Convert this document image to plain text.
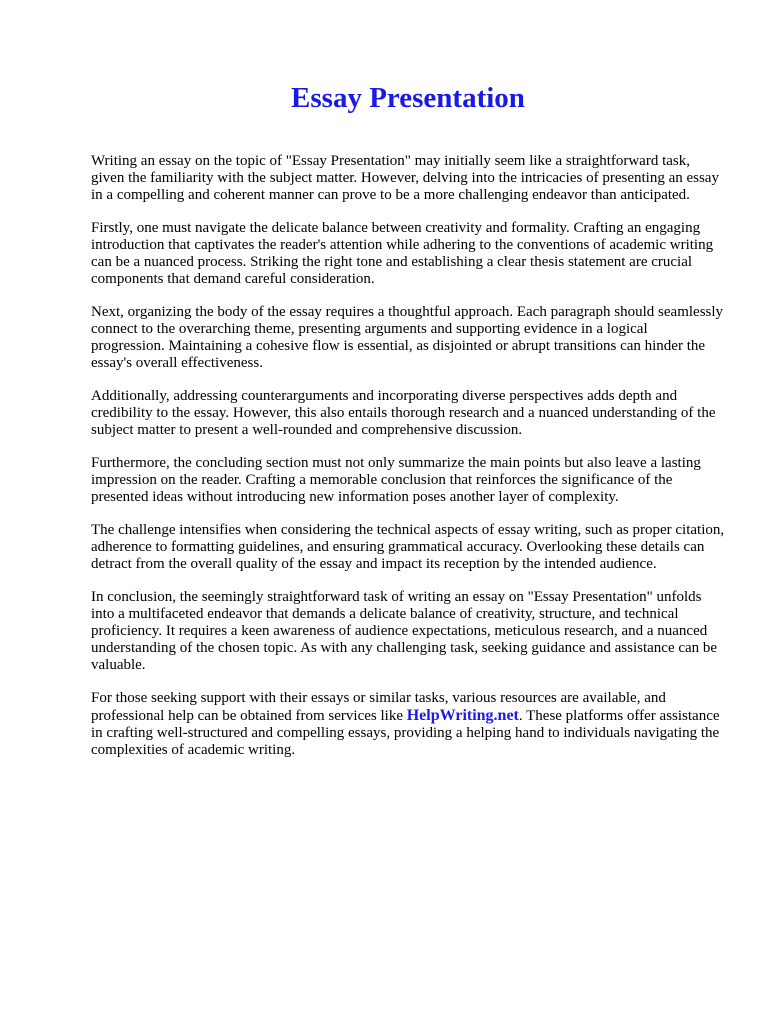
Essay Presentation

Writing an essay on the topic of "Essay Presentation" may initially seem like a straightforward task, given the familiarity with the subject matter. However, delving into the intricacies of presenting an essay in a compelling and coherent manner can prove to be a more challenging endeavor than anticipated.

Firstly, one must navigate the delicate balance between creativity and formality. Crafting an engaging introduction that captivates the reader's attention while adhering to the conventions of academic writing can be a nuanced process. Striking the right tone and establishing a clear thesis statement are crucial components that demand careful consideration.

Next, organizing the body of the essay requires a thoughtful approach. Each paragraph should seamlessly connect to the overarching theme, presenting arguments and supporting evidence in a logical progression. Maintaining a cohesive flow is essential, as disjointed or abrupt transitions can hinder the essay's overall effectiveness.

Additionally, addressing counterarguments and incorporating diverse perspectives adds depth and credibility to the essay. However, this also entails thorough research and a nuanced understanding of the subject matter to present a well-rounded and comprehensive discussion.

Furthermore, the concluding section must not only summarize the main points but also leave a lasting impression on the reader. Crafting a memorable conclusion that reinforces the significance of the presented ideas without introducing new information poses another layer of complexity.

The challenge intensifies when considering the technical aspects of essay writing, such as proper citation, adherence to formatting guidelines, and ensuring grammatical accuracy. Overlooking these details can detract from the overall quality of the essay and impact its reception by the intended audience.

In conclusion, the seemingly straightforward task of writing an essay on "Essay Presentation" unfolds into a multifaceted endeavor that demands a delicate balance of creativity, structure, and technical proficiency. It requires a keen awareness of audience expectations, meticulous research, and a nuanced understanding of the chosen topic. As with any challenging task, seeking guidance and assistance can be valuable.

For those seeking support with their essays or similar tasks, various resources are available, and professional help can be obtained from services like HelpWriting.net. These platforms offer assistance in crafting well-structured and compelling essays, providing a helping hand to individuals navigating the complexities of academic writing.
